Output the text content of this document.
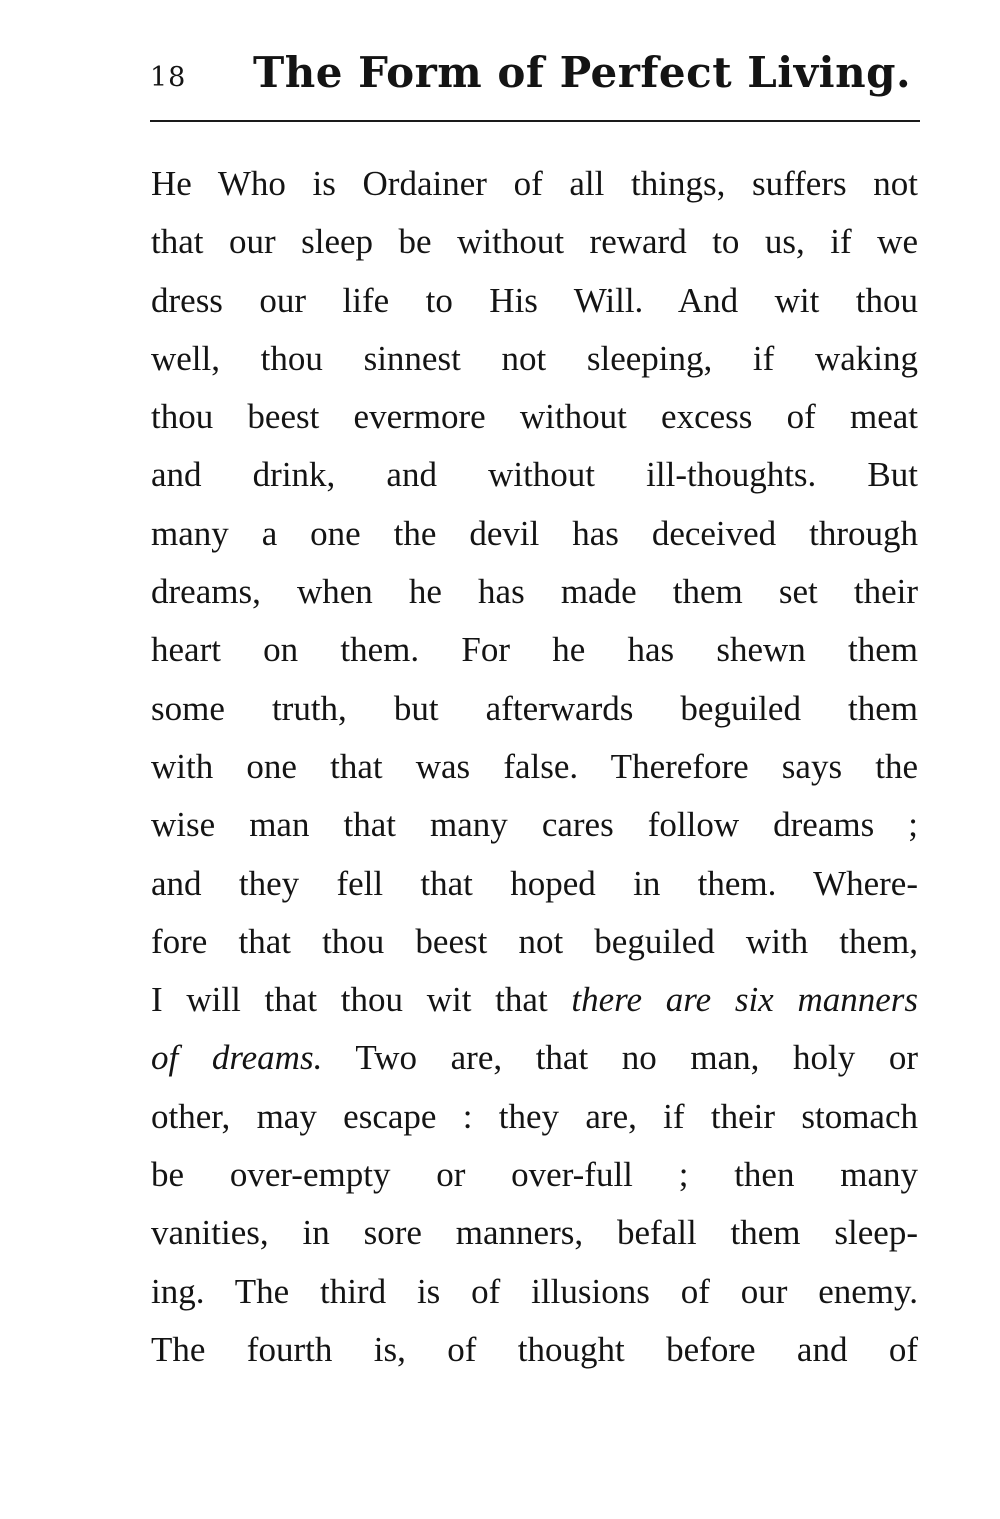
18 The Form of Perfect Living.
He Who is Ordainer of all things, suffers not
that our sleep be without reward to us, if we
dress our life to His Will. And wit thou
well, thou sinnest not sleeping, if waking
thou beest evermore without excess of meat
and drink, and without ill-thoughts. But
many a one the devil has deceived through
dreams, when he has made them set their
heart on them. For he has shewn them
some truth, but afterwards beguiled them
with one that was false. Therefore says the
wise man that many cares follow dreams ;
and they fell that hoped in them. Where-
fore that thou beest not beguiled with them,
I will that thou wit that there are six manners
of dreams. Two are, that no man, holy or
other, may escape : they are, if their stomach
be over-empty or over-full ; then many
vanities, in sore manners, befall them sleep-
ing. The third is of illusions of our enemy.
The fourth is, of thought before and of
